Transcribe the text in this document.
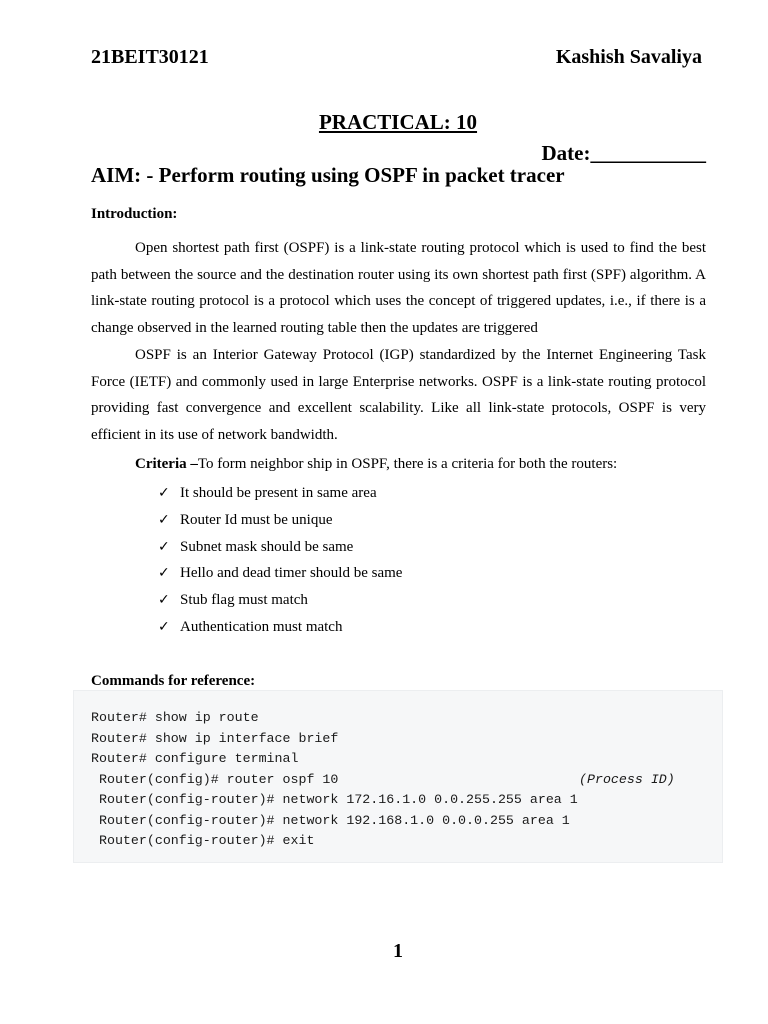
21BEIT30121	Kashish Savaliya
PRACTICAL: 10
Date:___________
AIM: - Perform routing using OSPF in packet tracer
Introduction:

Open shortest path first (OSPF) is a link-state routing protocol which is used to find the best path between the source and the destination router using its own shortest path first (SPF) algorithm. A link-state routing protocol is a protocol which uses the concept of triggered updates, i.e., if there is a change observed in the learned routing table then the updates are triggered

OSPF is an Interior Gateway Protocol (IGP) standardized by the Internet Engineering Task Force (IETF) and commonly used in large Enterprise networks. OSPF is a link-state routing protocol providing fast convergence and excellent scalability. Like all link-state protocols, OSPF is very efficient in its use of network bandwidth.

Criteria –To form neighbor ship in OSPF, there is a criteria for both the routers:
✓ It should be present in same area
✓ Router Id must be unique
✓ Subnet mask should be same
✓ Hello and dead timer should be same
✓ Stub flag must match
✓ Authentication must match
Commands for reference:
Router# show ip route
Router# show ip interface brief
Router# configure terminal
Router(config)# router ospf 10	(Process ID)
Router(config-router)# network 172.16.1.0 0.0.255.255 area 1
Router(config-router)# network 192.168.1.0 0.0.0.255 area 1
Router(config-router)# exit
1
